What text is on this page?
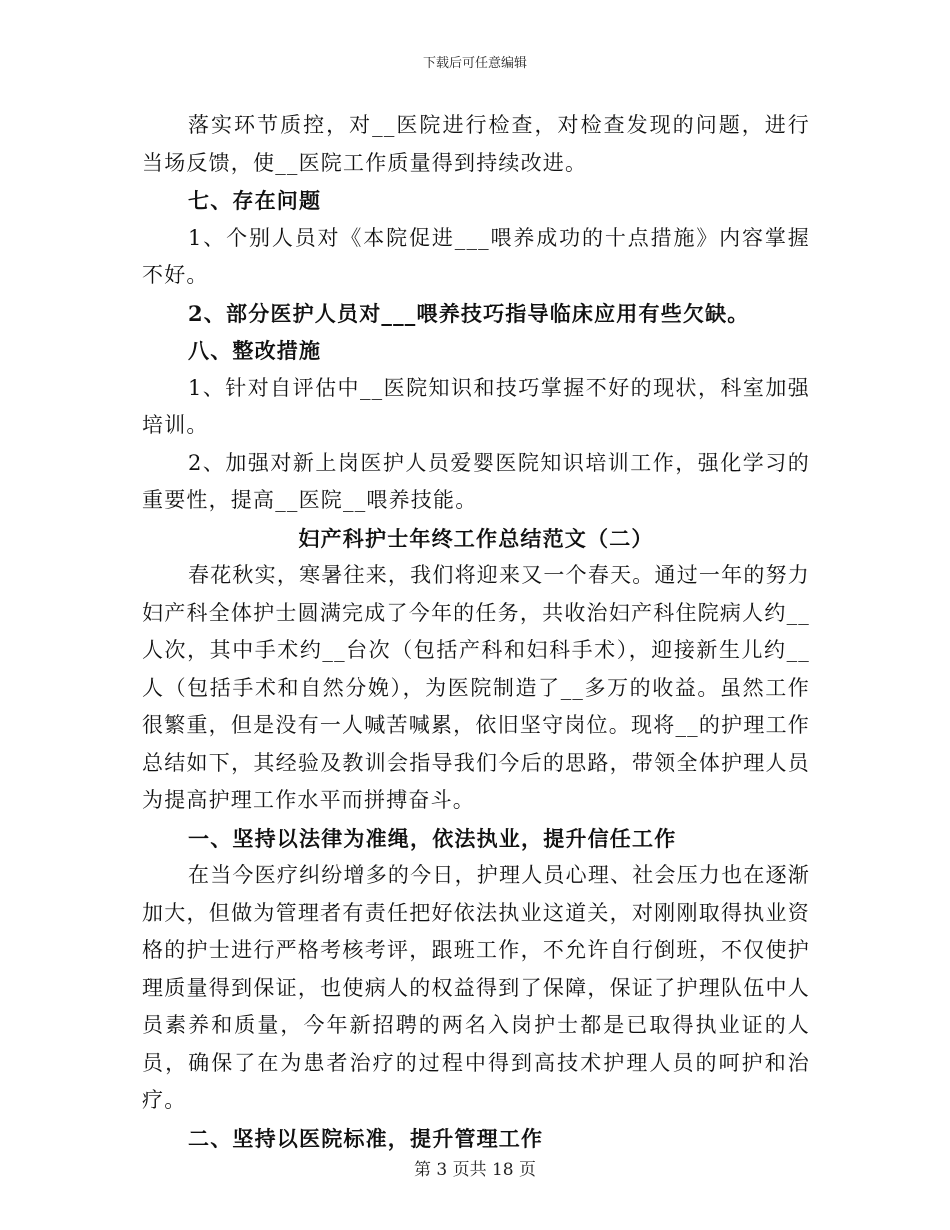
下载后可任意编辑

落实环节质控，对__医院进行检查，对检查发现的问题，进行当场反馈，使__医院工作质量得到持续改进。

七、存在问题

1、个别人员对《本院促进___喂养成功的十点措施》内容掌握不好。

2、部分医护人员对___喂养技巧指导临床应用有些欠缺。

八、整改措施

1、针对自评估中__医院知识和技巧掌握不好的现状，科室加强培训。

2、加强对新上岗医护人员爱婴医院知识培训工作，强化学习的重要性，提高__医院__喂养技能。

妇产科护士年终工作总结范文（二）

春花秋实，寒暑往来，我们将迎来又一个春天。通过一年的努力妇产科全体护士圆满完成了今年的任务，共收治妇产科住院病人约__人次，其中手术约__台次（包括产科和妇科手术），迎接新生儿约__人（包括手术和自然分娩），为医院制造了__多万的收益。虽然工作很繁重，但是没有一人喊苦喊累，依旧坚守岗位。现将__的护理工作总结如下，其经验及教训会指导我们今后的思路，带领全体护理人员为提高护理工作水平而拼搏奋斗。

一、坚持以法律为准绳，依法执业，提升信任工作

在当今医疗纠纷增多的今日，护理人员心理、社会压力也在逐渐加大，但做为管理者有责任把好依法执业这道关，对刚刚取得执业资格的护士进行严格考核考评，跟班工作，不允许自行倒班，不仅使护理质量得到保证，也使病人的权益得到了保障，保证了护理队伍中人员素养和质量，今年新招聘的两名入岗护士都是已取得执业证的人员，确保了在为患者治疗的过程中得到高技术护理人员的呵护和治疗。

二、坚持以医院标准，提升管理工作

第 3 页共 18 页
